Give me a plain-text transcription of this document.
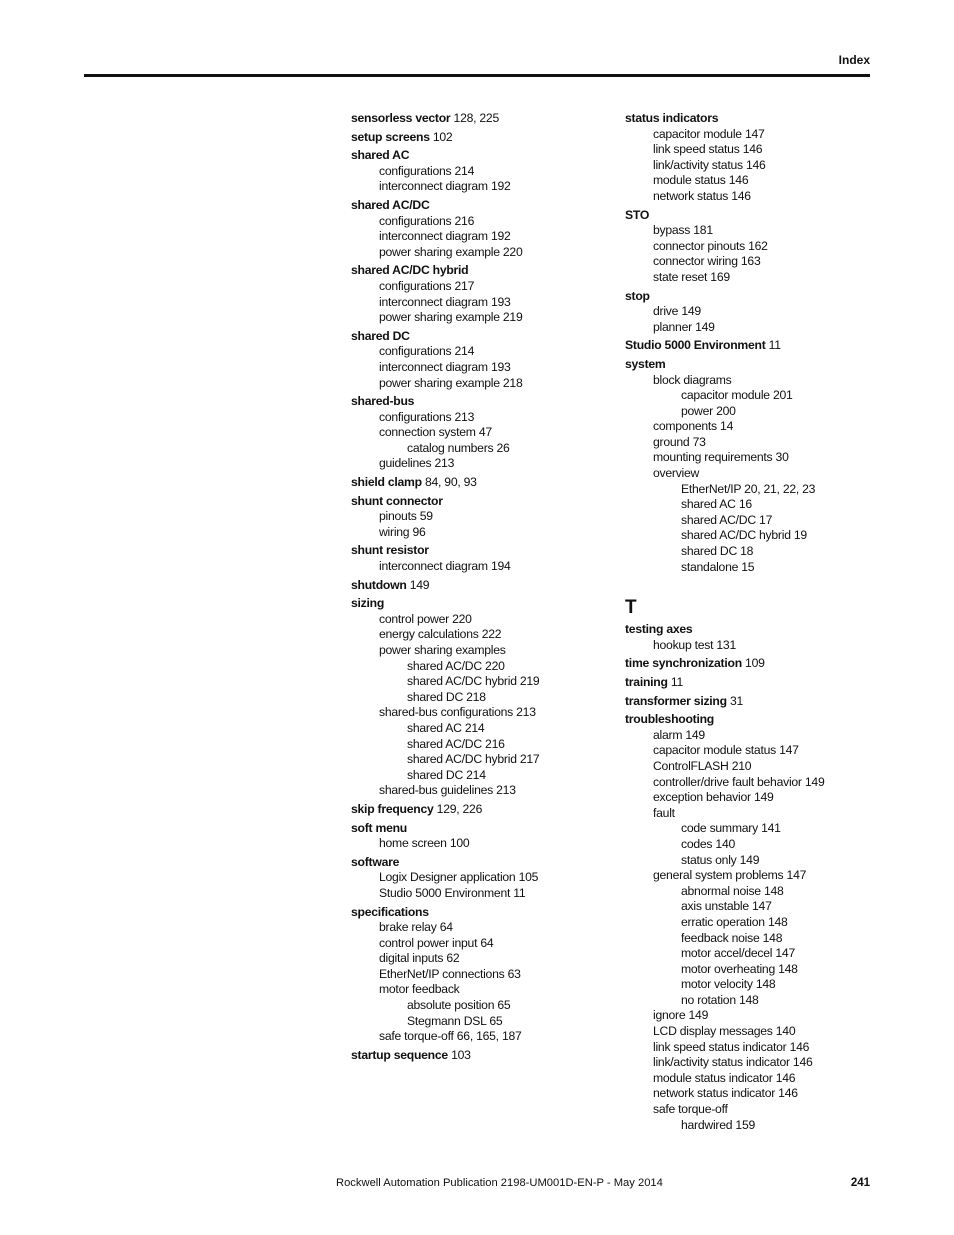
Index
sensorless vector 128, 225
setup screens 102
shared AC
configurations 214
interconnect diagram 192
shared AC/DC
configurations 216
interconnect diagram 192
power sharing example 220
shared AC/DC hybrid
configurations 217
interconnect diagram 193
power sharing example 219
shared DC
configurations 214
interconnect diagram 193
power sharing example 218
shared-bus
configurations 213
connection system 47
catalog numbers 26
guidelines 213
shield clamp 84, 90, 93
shunt connector
pinouts 59
wiring 96
shunt resistor
interconnect diagram 194
shutdown 149
sizing
control power 220
energy calculations 222
power sharing examples
shared AC/DC 220
shared AC/DC hybrid 219
shared DC 218
shared-bus configurations 213
shared AC 214
shared AC/DC 216
shared AC/DC hybrid 217
shared DC 214
shared-bus guidelines 213
skip frequency 129, 226
soft menu
home screen 100
software
Logix Designer application 105
Studio 5000 Environment 11
specifications
brake relay 64
control power input 64
digital inputs 62
EtherNet/IP connections 63
motor feedback
absolute position 65
Stegmann DSL 65
safe torque-off 66, 165, 187
startup sequence 103
status indicators
capacitor module 147
link speed status 146
link/activity status 146
module status 146
network status 146
STO
bypass 181
connector pinouts 162
connector wiring 163
state reset 169
stop
drive 149
planner 149
Studio 5000 Environment 11
system
block diagrams
capacitor module 201
power 200
components 14
ground 73
mounting requirements 30
overview
EtherNet/IP 20, 21, 22, 23
shared AC 16
shared AC/DC 17
shared AC/DC hybrid 19
shared DC 18
standalone 15
T
testing axes
hookup test 131
time synchronization 109
training 11
transformer sizing 31
troubleshooting
alarm 149
capacitor module status 147
ControlFLASH 210
controller/drive fault behavior 149
exception behavior 149
fault
code summary 141
codes 140
status only 149
general system problems 147
abnormal noise 148
axis unstable 147
erratic operation 148
feedback noise 148
motor accel/decel 147
motor overheating 148
motor velocity 148
no rotation 148
ignore 149
LCD display messages 140
link speed status indicator 146
link/activity status indicator 146
module status indicator 146
network status indicator 146
safe torque-off
hardwired 159
Rockwell Automation Publication 2198-UM001D-EN-P - May 2014	241
